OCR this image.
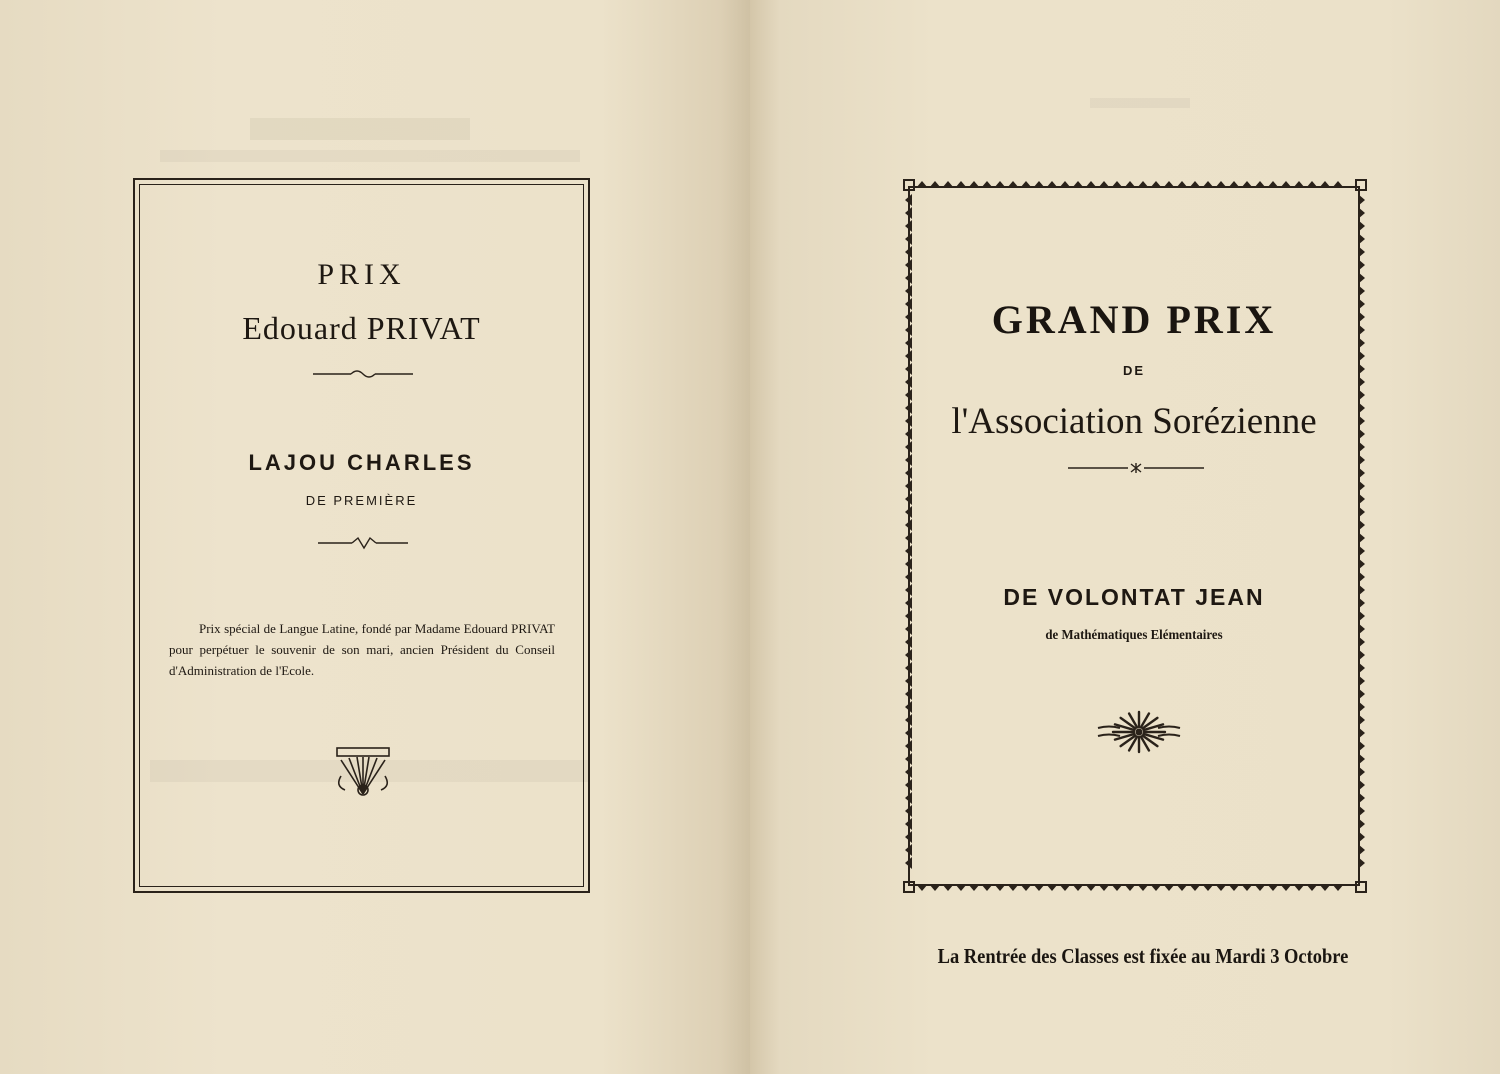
PRIX
Edouard PRIVAT
LAJOU CHARLES
DE PREMIÈRE
Prix spécial de Langue Latine, fondé par Madame Edouard PRIVAT pour perpétuer le souvenir de son mari, ancien Président du Conseil d'Administration de l'Ecole.
GRAND PRIX
DE
l'Association Sorézienne
DE VOLONTAT JEAN
de Mathématiques Elémentaires
La Rentrée des Classes est fixée au Mardi 3 Octobre
